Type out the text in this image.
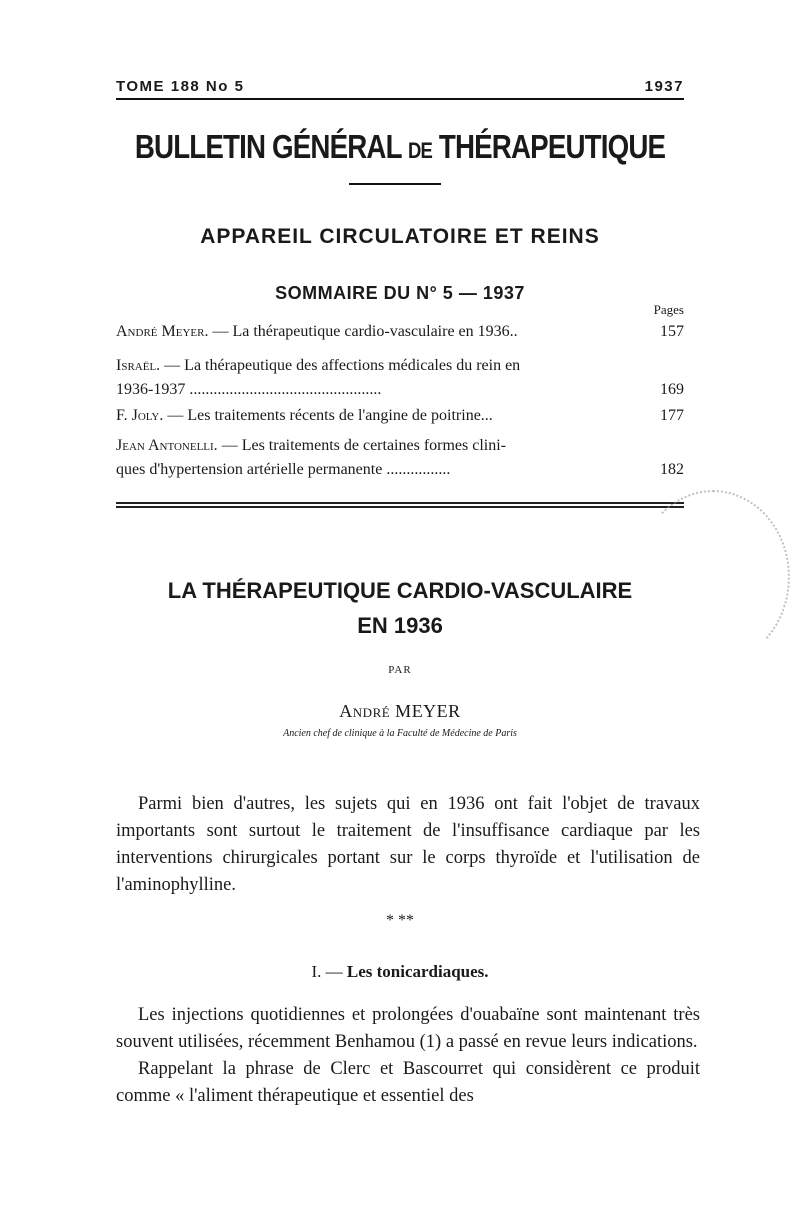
TOME 188 No 5	1937
BULLETIN GÉNÉRAL DE THÉRAPEUTIQUE
APPAREIL CIRCULATOIRE ET REINS
SOMMAIRE DU N° 5 — 1937
Pages
André Meyer. — La thérapeutique cardio-vasculaire en 1936..	157
Israël. — La thérapeutique des affections médicales du rein en
1936-1937 ................................................	169
F. Joly. — Les traitements récents de l'angine de poitrine...	177
Jean Antonelli. — Les traitements de certaines formes clini-
ques d'hypertension artérielle permanente ................	182
LA THÉRAPEUTIQUE CARDIO-VASCULAIRE
EN 1936
PAR
André MEYER
Ancien chef de clinique à la Faculté de Médecine de Paris

Parmi bien d'autres, les sujets qui en 1936 ont fait l'objet de travaux importants sont surtout le traitement de l'insuffisance cardiaque par les interventions chirurgicales portant sur le corps thyroïde et l'utilisation de l'aminophylline.

* **
I. — Les tonicardiaques.

Les injections quotidiennes et prolongées d'ouabaïne sont maintenant très souvent utilisées, récemment Benhamou (1) a passé en revue leurs indications.

Rappelant la phrase de Clerc et Bascourret qui considèrent ce produit comme « l'aliment thérapeutique et essentiel des
